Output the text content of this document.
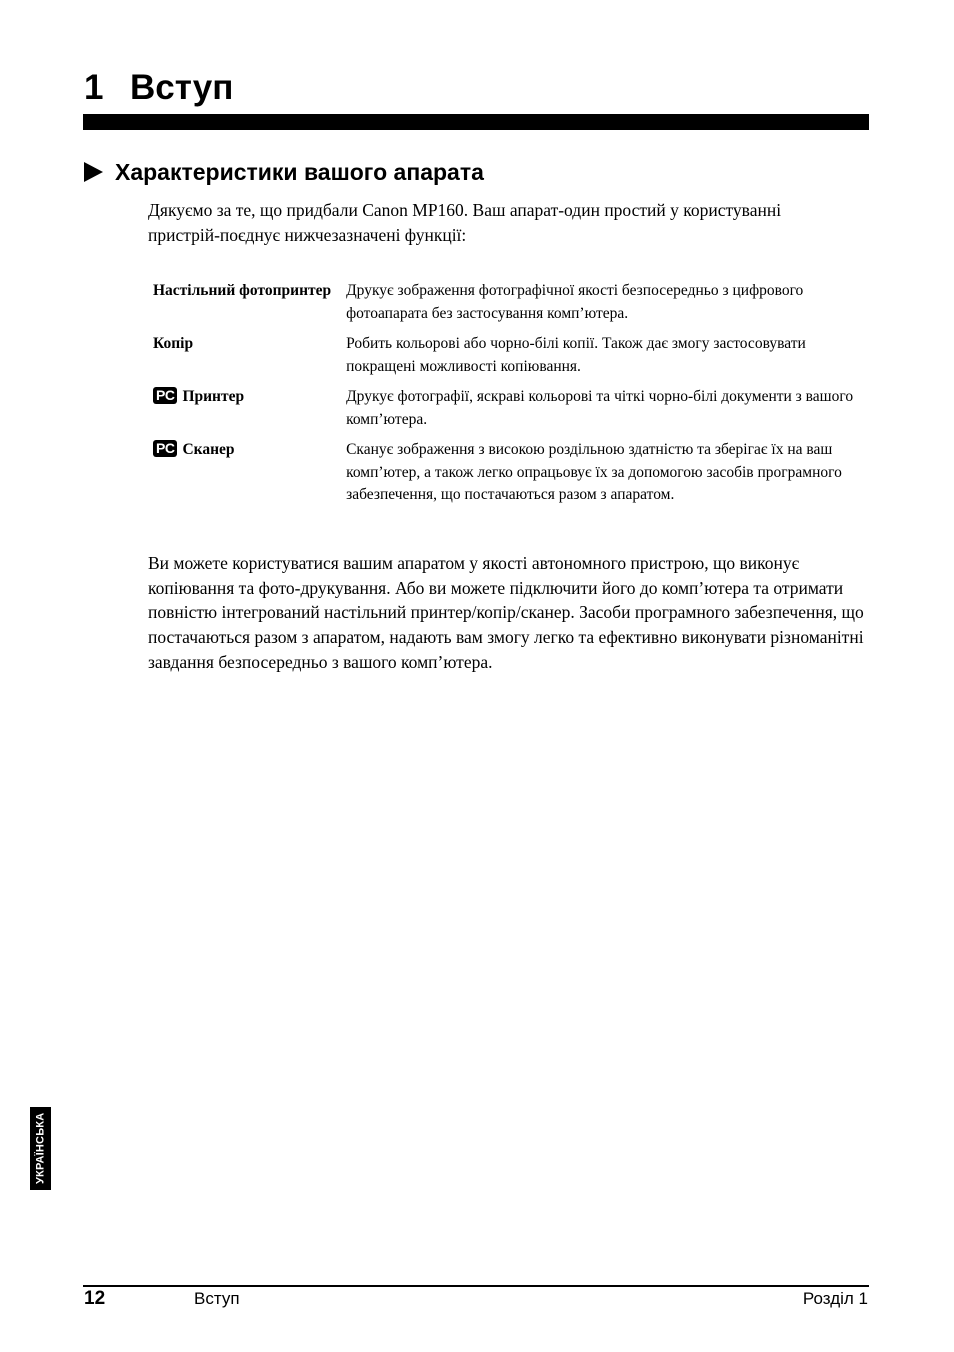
1 Вступ
Характеристики вашого апарата

Дякуємо за те, що придбали Canon MP160. Ваш апарат-один простий у користуванні пристрій-поєднує нижчезазначені функції:

Настільний фотопринтер	Друкує зображення фотографічної якості безпосередньо з цифрового фотоапарата без застосування комп’ютера.
Копір	Робить кольорові або чорно-білі копії. Також дає змогу застосовувати покращені можливості копіювання.
PC Принтер	Друкує фотографії, яскраві кольорові та чіткі чорно-білі документи з вашого комп’ютера.
PC Сканер	Сканує зображення з високою роздільною здатністю та зберігає їх на ваш комп’ютер, а також легко опрацьовує їх за допомогою засобів програмного забезпечення, що постачаються разом з апаратом.

Ви можете користуватися вашим апаратом у якості автономного пристрою, що виконує копіювання та фото-друкування. Або ви можете підключити його до комп’ютера та отримати повністю інтегрований настільний принтер/копір/сканер. Засоби програмного забезпечення, що постачаються разом з апаратом, надають вам змогу легко та ефективно виконувати різноманітні завдання безпосередньо з вашого комп’ютера.

УКРАЇНСЬКА
12	Вступ	Розділ 1
